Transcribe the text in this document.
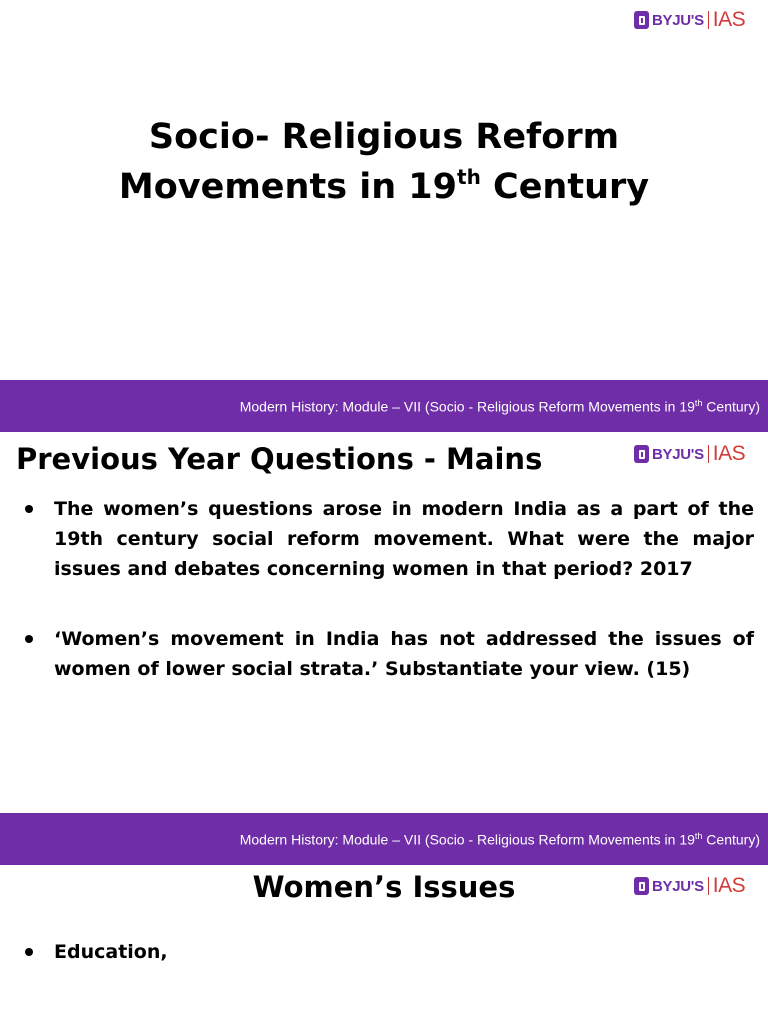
BYJU'S IAS
Socio- Religious Reform
Movements in 19th Century
Modern History: Module – VII (Socio - Religious Reform Movements in 19th Century)
Previous Year Questions - Mains	BYJU'S IAS
The women’s questions arose in modern India as a part of the 19th century social reform movement. What were the major issues and debates concerning women in that period? 2017
‘Women’s movement in India has not addressed the issues of women of lower social strata.’ Substantiate your view. (15)
Modern History: Module – VII (Socio - Religious Reform Movements in 19th Century)
Women’s Issues	BYJU'S IAS
Education,
